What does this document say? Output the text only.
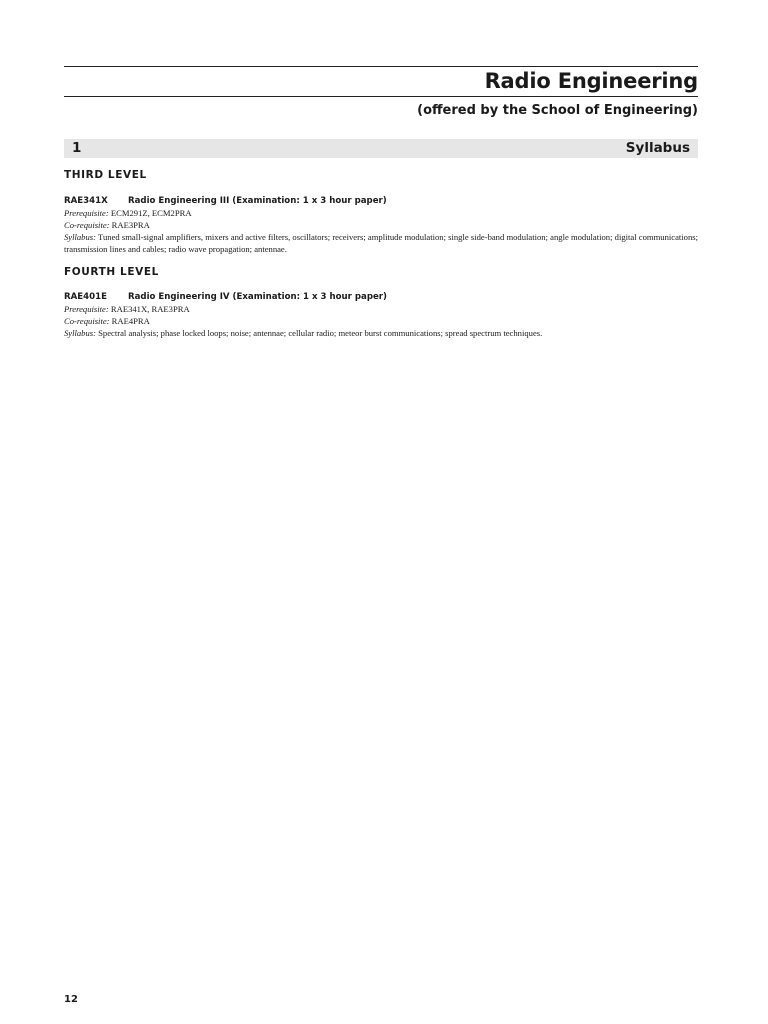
Radio Engineering
(offered by the School of Engineering)
1	Syllabus
THIRD LEVEL
RAE341X Radio Engineering III (Examination: 1 x 3 hour paper)
Prerequisite: ECM291Z, ECM2PRA
Co-requisite: RAE3PRA
Syllabus: Tuned small-signal amplifiers, mixers and active filters, oscillators; receivers; amplitude modulation; single side-band modulation; angle modulation; digital communications; transmission lines and cables; radio wave propagation; antennae.
FOURTH LEVEL
RAE401E Radio Engineering IV (Examination: 1 x 3 hour paper)
Prerequisite: RAE341X, RAE3PRA
Co-requisite: RAE4PRA
Syllabus: Spectral analysis; phase locked loops; noise; antennae; cellular radio; meteor burst communications; spread spectrum techniques.
12
